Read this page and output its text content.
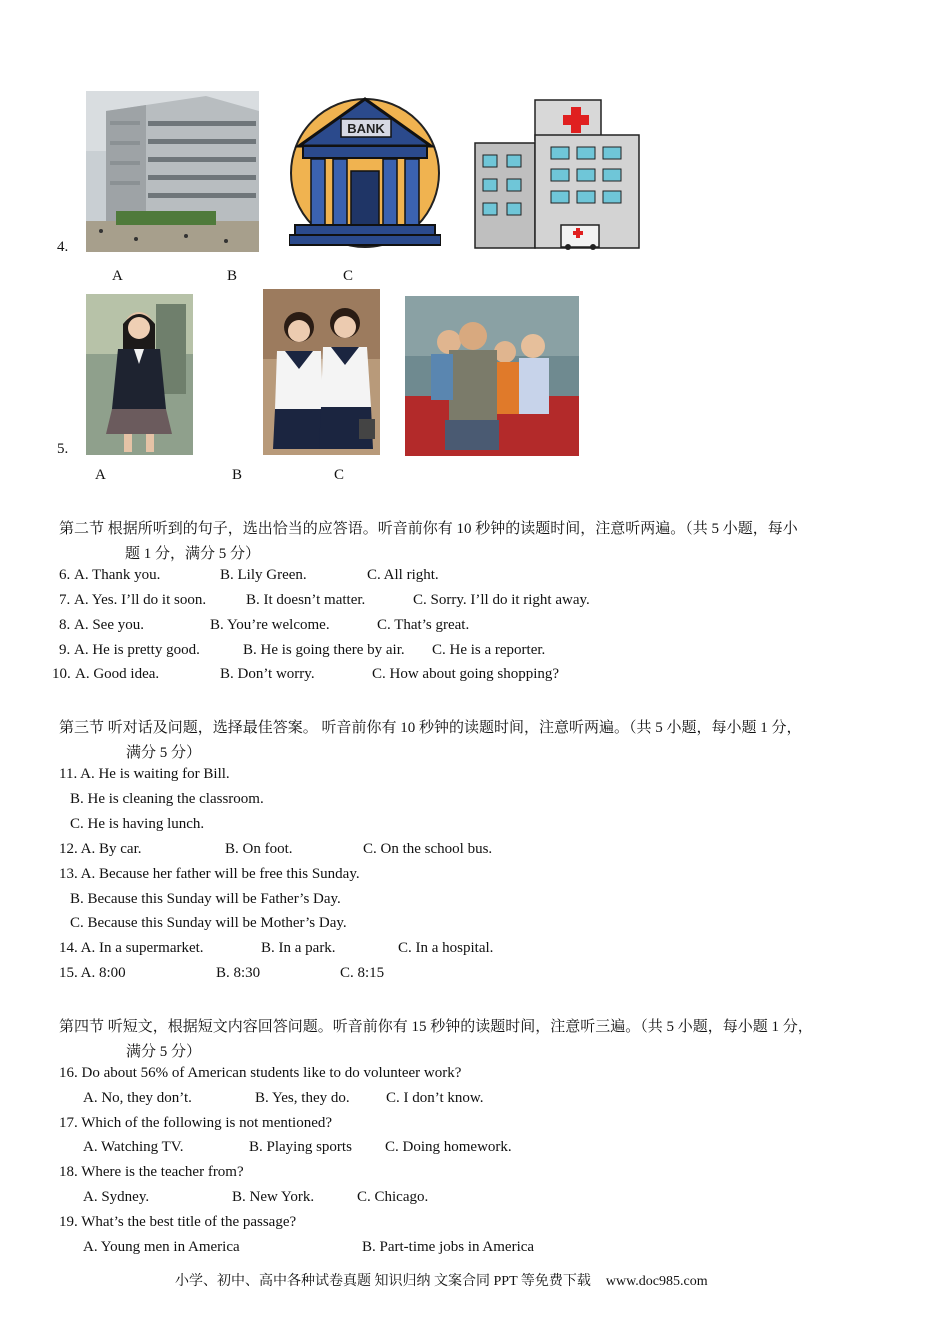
4.
BANK
A	B	C
5.
A	B	C
第二节 根据所听到的句子，选出恰当的应答语。听音前你有 10 秒钟的读题时间，注意听两遍。（共 5 小题，每小
题 1 分，满分 5 分）
6. A. Thank you.	B. Lily Green.	C. All right.
7. A. Yes. I’ll do it soon.	B. It doesn’t matter.	C. Sorry. I’ll do it right away.
8. A. See you.	B. You’re welcome.	C. That’s great.
9. A. He is pretty good.	B. He is going there by air. C. He is a reporter.
10. A. Good idea.	B. Don’t worry.	C. How about going shopping?
第三节 听对话及问题，选择最佳答案。 听音前你有 10 秒钟的读题时间，注意听两遍。（共 5 小题，每小题 1 分，
满分 5 分）
11. A. He is waiting for Bill.
B. He is cleaning the classroom.
C. He is having lunch.
12. A. By car.	B. On foot.	C. On the school bus.
13. A. Because her father will be free this Sunday.
B. Because this Sunday will be Father’s Day.
C. Because this Sunday will be Mother’s Day.
14. A. In a supermarket.	B. In a park.	C. In a hospital.
15. A. 8:00	B. 8:30	C. 8:15
第四节 听短文，根据短文内容回答问题。听音前你有 15 秒钟的读题时间，注意听三遍。（共 5 小题，每小题 1 分，
满分 5 分）
16. Do about 56% of American students like to do volunteer work?
A. No, they don’t.	B. Yes, they do. C. I don’t know.
17. Which of the following is not mentioned?
A. Watching TV.	B. Playing sports C. Doing homework.
18. Where is the teacher from?
A. Sydney.	B. New York.	C. Chicago.
19. What’s the best title of the passage?
A. Young men in America	B. Part-time jobs in America
小学、初中、高中各种试卷真题 知识归纳 文案合同 PPT 等免费下载 www.doc985.com
